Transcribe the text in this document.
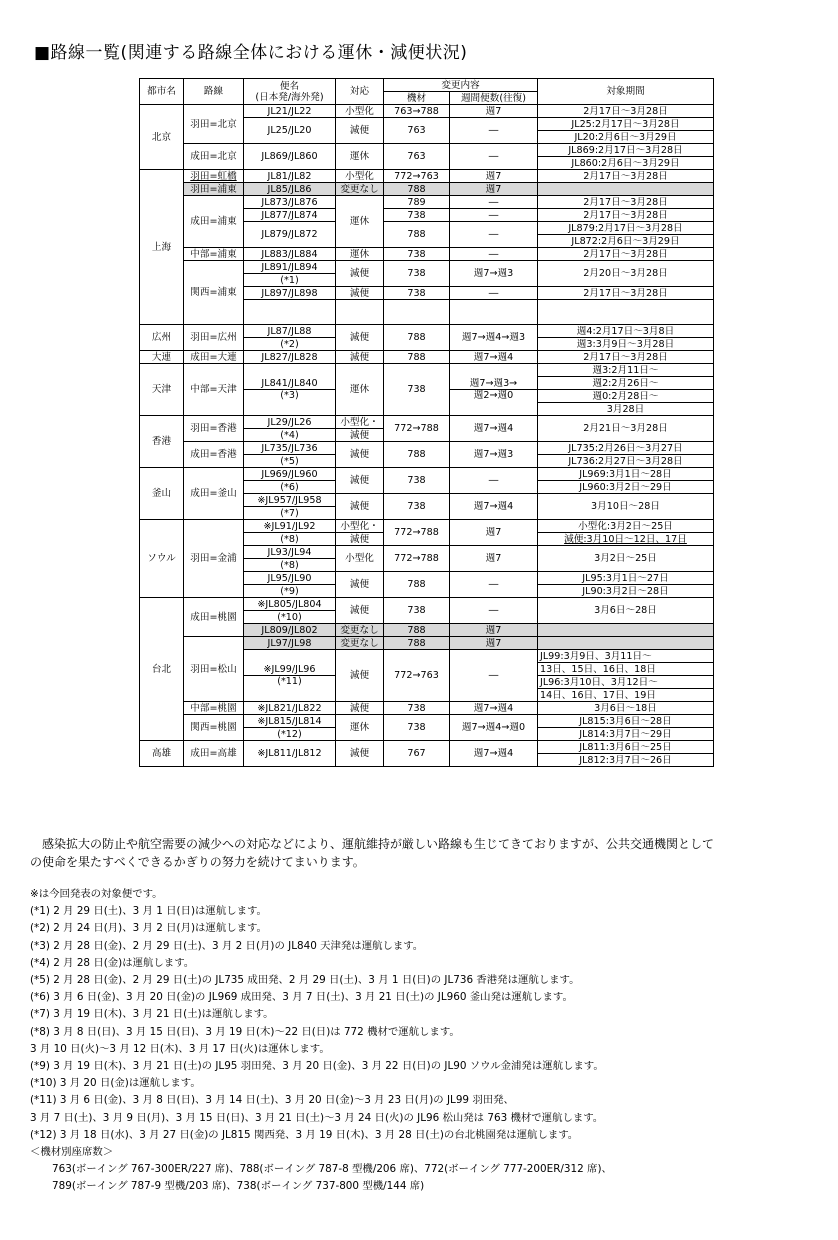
■路線一覧(関連する路線全体における運休・減便状況)
都市名	路線	便名
(日本発/海外発)	対応	変更内容		対象期間
				機材	週間便数(往復)	
北京	羽田=北京	JL21/JL22	小型化	763→788	週7	2月17日～3月28日
		JL25/JL20	減便	763	―	JL25:2月17日～3月28日
						JL20:2月6日～3月29日
	成田=北京	JL869/JL860	運休	763	―	JL869:2月17日～3月28日
						JL860:2月6日～3月29日
上海	羽田=虹橋	JL81/JL82	小型化	772→763	週7	2月17日～3月28日
	羽田=浦東	JL85/JL86	変更なし	788	週7	
	成田=浦東	JL873/JL876	運休	789	―	2月17日～3月28日
		JL877/JL874		738	―	2月17日～3月28日
		JL879/JL872		788	―	JL879:2月17日～3月28日
						JL872:2月6日～3月29日
	中部=浦東	JL883/JL884	運休	738	―	2月17日～3月28日
	関西=浦東	JL891/JL894	減便	738	週7→週3	2月20日～3月28日
		(*1)				
		JL897/JL898	減便	738	―	2月17日～3月28日

広州	羽田=広州	JL87/JL88	減便	788	週7→週4→週3	週4:2月17日～3月8日
		(*2)				週3:3月9日～3月28日
大連	成田=大連	JL827/JL828	減便	788	週7→週4	2月17日～3月28日
天津	中部=天津	JL841/JL840	運休	738	週7→週3→	週3:2月11日～
						週2:2月26日～
		(*3)			週2→週0	週0:2月28日～
						3月28日
香港	羽田=香港	JL29/JL26	小型化・	772→788	週7→週4	2月21日～3月28日
		(*4)	減便			
	成田=香港	JL735/JL736	減便	788	週7→週3	JL735:2月26日～3月27日
		(*5)				JL736:2月27日～3月28日
釜山	成田=釜山	JL969/JL960	減便	738	―	JL969:3月1日～28日
		(*6)				JL960:3月2日～29日
		※JL957/JL958	減便	738	週7→週4	3月10日～28日
		(*7)				
ソウル	羽田=金浦	※JL91/JL92	小型化・	772→788	週7	小型化:3月2日～25日
		(*8)	減便			減便:3月10日～12日、17日
		JL93/JL94	小型化	772→788	週7	3月2日～25日
		(*8)				
		JL95/JL90	減便	788	―	JL95:3月1日～27日
		(*9)				JL90:3月2日～28日
台北	成田=桃園	※JL805/JL804	減便	738	―	3月6日～28日
		(*10)				
		JL809/JL802	変更なし	788	週7	
	羽田=松山	JL97/JL98	変更なし	788	週7	
		※JL99/JL96	減便	772→763	―	JL99:3月9日、3月11日～
						13日、15日、16日、18日
		(*11)				JL96:3月10日、3月12日～
						14日、16日、17日、19日
	中部=桃園	※JL821/JL822	減便	738	週7→週4	3月6日～18日
	関西=桃園	※JL815/JL814	運休	738	週7→週4→週0	JL815:3月6日～28日
		(*12)				JL814:3月7日～29日

高雄	成田=高雄	※JL811/JL812	減便	767	週7→週4	JL811:3月6日～25日
						JL812:3月7日～26日
感染拡大の防止や航空需要の減少への対応などにより、運航維持が厳しい路線も生じてきておりますが、公共交通機関として
の使命を果たすべくできるかぎりの努力を続けてまいります。
※は今回発表の対象便です。
(*1) 2 月 29 日(土)、3 月 1 日(日)は運航します。
(*2) 2 月 24 日(月)、3 月 2 日(月)は運航します。
(*3) 2 月 28 日(金)、2 月 29 日(土)、3 月 2 日(月)の JL840 天津発は運航します。
(*4) 2 月 28 日(金)は運航します。
(*5) 2 月 28 日(金)、2 月 29 日(土)の JL735 成田発、2 月 29 日(土)、3 月 1 日(日)の JL736 香港発は運航します。
(*6) 3 月 6 日(金)、3 月 20 日(金)の JL969 成田発、3 月 7 日(土)、3 月 21 日(土)の JL960 釜山発は運航します。
(*7) 3 月 19 日(木)、3 月 21 日(土)は運航します。
(*8) 3 月 8 日(日)、3 月 15 日(日)、3 月 19 日(木)～22 日(日)は 772 機材で運航します。
3 月 10 日(火)～3 月 12 日(木)、3 月 17 日(火)は運休します。
(*9) 3 月 19 日(木)、3 月 21 日(土)の JL95 羽田発、3 月 20 日(金)、3 月 22 日(日)の JL90 ソウル金浦発は運航します。
(*10) 3 月 20 日(金)は運航します。
(*11) 3 月 6 日(金)、3 月 8 日(日)、3 月 14 日(土)、3 月 20 日(金)～3 月 23 日(月)の JL99 羽田発、
3 月 7 日(土)、3 月 9 日(月)、3 月 15 日(日)、3 月 21 日(土)～3 月 24 日(火)の JL96 松山発は 763 機材で運航します。
(*12) 3 月 18 日(水)、3 月 27 日(金)の JL815 関西発、3 月 19 日(木)、3 月 28 日(土)の台北桃園発は運航します。
＜機材別座席数＞
763(ボーイング 767-300ER/227 席)、788(ボーイング 787-8 型機/206 席)、772(ボーイング 777-200ER/312 席)、
789(ボーイング 787-9 型機/203 席)、738(ボーイング 737-800 型機/144 席)
